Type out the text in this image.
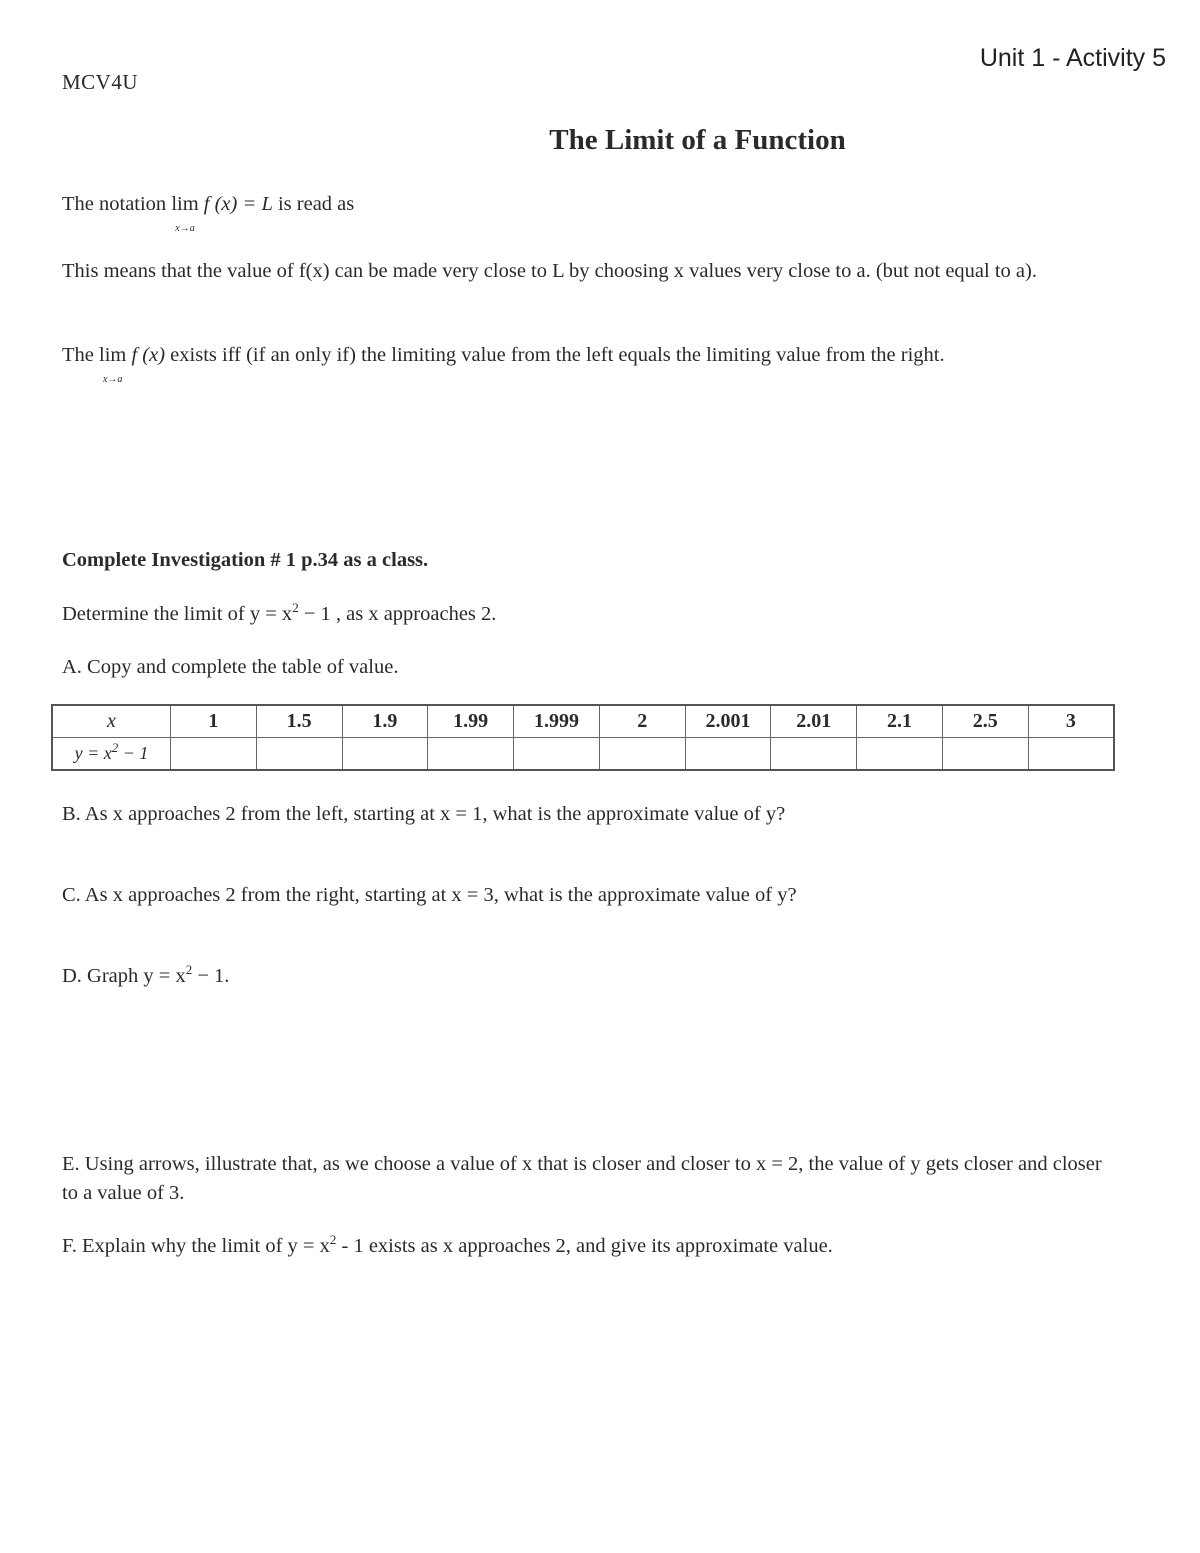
MCV4U
Unit 1 - Activity 5
The Limit of a Function
The notation lim
x→a
f (x) = L is read as
This means that the value of f(x) can be made very close to L by choosing x values very close to a. (but not equal to a).
The lim
x→a
f (x) exists iff (if an only if) the limiting value from the left equals the limiting value from the right.
Complete Investigation # 1 p.34 as a class.
Determine the limit of $y = x^2 - 1$ , as x approaches 2.
A. Copy and complete the table of value.
x	1	1.5	1.9	1.99	1.999	2	2.001	2.01	2.1	2.5	3
$y = x^2 - 1$											
B. As x approaches 2 from the left, starting at x = 1, what is the approximate value of y?
C. As x approaches 2 from the right, starting at x = 3, what is the approximate value of y?
D. Graph $y = x^2 - 1$.
E. Using arrows, illustrate that, as we choose a value of x that is closer and closer to x = 2, the value of y gets closer and closer to a value of 3.
F. Explain why the limit of $y = x^2 - 1$ exists as x approaches 2, and give its approximate value.
